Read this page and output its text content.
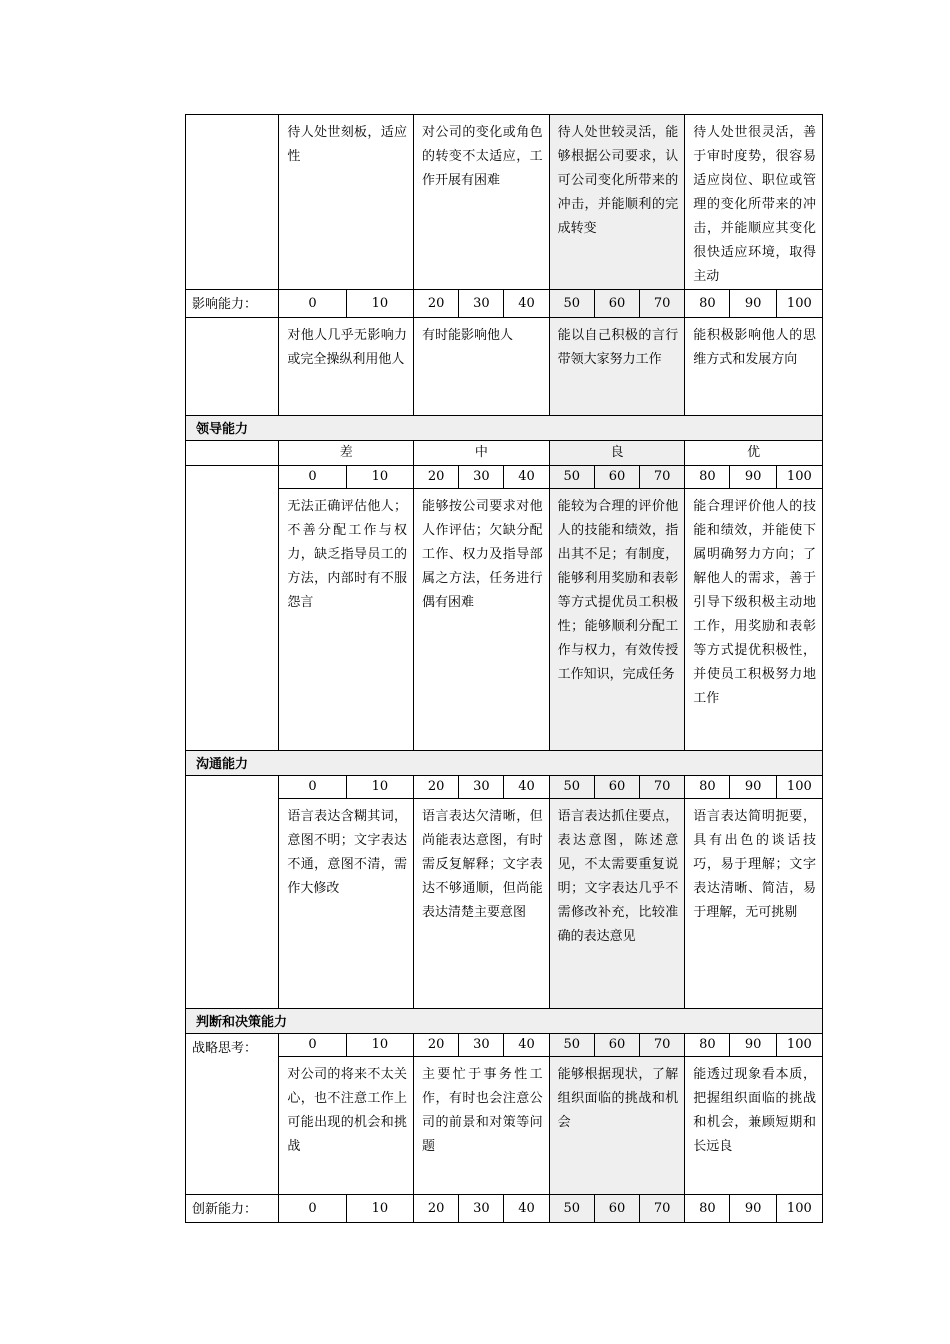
	待人处世刻板，适应性		对公司的变化或角色的转变不太适应，工作开展有困难			待人处世较灵活，能够根据公司要求，认可公司变化所带来的冲击，并能顺利的完成转变			待人处世很灵活，善于审时度势，很容易适应岗位、职位或管理的变化所带来的冲击，并能顺应其变化很快适应环境，取得主动		
影响能力：	0	10	20	30	40	50	60	70	80	90	100
	对他人几乎无影响力或完全操纵利用他人		有时能影响他人			能以自己积极的言行带领大家努力工作			能积极影响他人的思维方式和发展方向		
领导能力											
	差		中			良			优		
	0	10	20	30	40	50	60	70	80	90	100
	无法正确评估他人；不善分配工作与权力，缺乏指导员工的方法，内部时有不服怨言		能够按公司要求对他人作评估；欠缺分配工作、权力及指导部属之方法，任务进行偶有困难			能较为合理的评价他人的技能和绩效，指出其不足；有制度，能够利用奖励和表彰等方式提优员工积极性；能够顺利分配工作与权力，有效传授工作知识，完成任务			能合理评价他人的技能和绩效，并能使下属明确努力方向；了解他人的需求，善于引导下级积极主动地工作，用奖励和表彰等方式提优积极性，并使员工积极努力地工作		
沟通能力											
	0	10	20	30	40	50	60	70	80	90	100
	语言表达含糊其词，意图不明；文字表达不通，意图不清，需作大修改		语言表达欠清晰，但尚能表达意图，有时需反复解释；文字表达不够通顺，但尚能表达清楚主要意图			语言表达抓住要点，表达意图，陈述意见，不太需要重复说明；文字表达几乎不需修改补充，比较准确的表达意见			语言表达简明扼要，具有出色的谈话技巧，易于理解；文字表达清晰、简洁，易于理解，无可挑剔		
判断和决策能力											
战略思考：	0	10	20	30	40	50	60	70	80	90	100
	对公司的将来不太关心，也不注意工作上可能出现的机会和挑战		主要忙于事务性工作，有时也会注意公司的前景和对策等问题			能够根据现状，了解组织面临的挑战和机会			能透过现象看本质，把握组织面临的挑战和机会，兼顾短期和长远良		
创新能力：	0	10	20	30	40	50	60	70	80	90	100
